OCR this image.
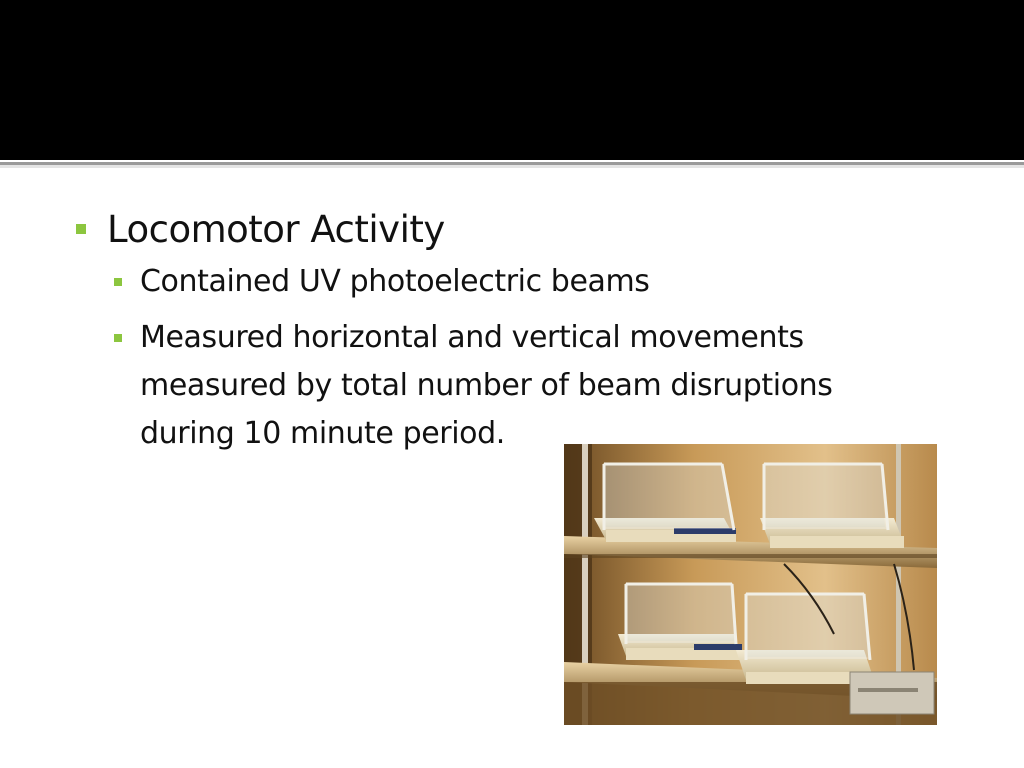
Locomotor Activity
Contained UV photoelectric beams
Measured horizontal and vertical movements measured by total number of beam disruptions during 10 minute period.
